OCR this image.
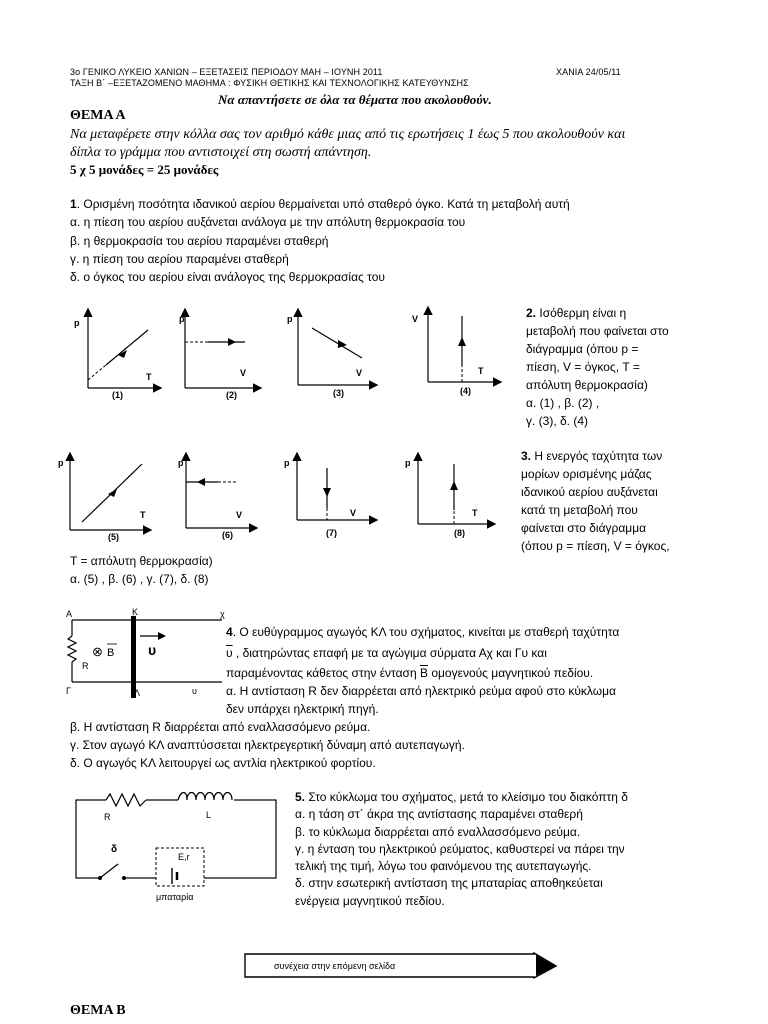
3ο ΓΕΝΙΚΟ ΛΥΚΕΙΟ ΧΑΝΙΩΝ – ΕΞΕΤΑΣΕΙΣ ΠΕΡΙΟΔΟΥ ΜΑΗ – ΙΟΥΝΗ 2011	ΧΑΝΙΑ 24/05/11
ΤΑΞΗ Β΄ –ΕΞΕΤΑΖΟΜΕΝΟ ΜΑΘΗΜΑ : ΦΥΣΙΚΗ ΘΕΤΙΚΗΣ ΚΑΙ ΤΕΧΝΟΛΟΓΙΚΗΣ ΚΑΤΕΥΘΥΝΣΗΣ
Να απαντήσετε σε όλα τα θέματα που ακολουθούν.
ΘΕΜΑ Α
Να μεταφέρετε στην κόλλα σας τον αριθμό κάθε μιας από τις ερωτήσεις 1 έως 5 που ακολουθούν και
δίπλα το γράμμα που αντιστοιχεί στη σωστή απάντηση.
5 χ 5 μονάδες = 25 μονάδες
1. Ορισμένη ποσότητα ιδανικού αερίου θερμαίνεται υπό σταθερό όγκο. Κατά τη μεταβολή αυτή
α. η πίεση του αερίου αυξάνεται ανάλογα με την απόλυτη θερμοκρασία του
β. η θερμοκρασία του αερίου παραμένει σταθερή
γ. η πίεση του αερίου παραμένει σταθερή
δ. ο όγκος του αερίου είναι ανάλογος της θερμοκρασίας του
p
T
(1)
p
V
(2)
p
V
(3)
V
T
(4)
2. Ισόθερμη είναι η
μεταβολή που φαίνεται στο
διάγραμμα (όπου p =
πίεση, V = όγκος, T =
απόλυτη θερμοκρασία)
α. (1) , β. (2) ,
γ. (3), δ. (4)
p
T
(5)
p
V
(6)
p
V
(7)
p
T
(8)
3. Η ενεργός ταχύτητα των
μορίων ορισμένης μάζας
ιδανικού αερίου αυξάνεται
κατά τη μεταβολή που
φαίνεται στο διάγραμμα
(όπου p = πίεση, V = όγκος,
Τ = απόλυτη θερμοκρασία)
α. (5) , β. (6) , γ. (7), δ. (8)
Α	Κ	χ
R
⊗ Β υ
Γ	Λ	υ
4. Ο ευθύγραμμος αγωγός ΚΛ του σχήματος, κινείται με σταθερή ταχύτητα
$\overline{\upsilon}$ , διατηρώντας επαφή με τα αγώγιμα σύρματα Αχ και Γυ και
παραμένοντας κάθετος στην ένταση $\overline{B}$ ομογενούς μαγνητικού πεδίου.
α. Η αντίσταση R δεν διαρρέεται από ηλεκτρικό ρεύμα αφού στο κύκλωμα
δεν υπάρχει ηλεκτρική πηγή.
β. Η αντίσταση R διαρρέεται από εναλλασσόμενο ρεύμα.
γ. Στον αγωγό ΚΛ αναπτύσσεται ηλεκτρεγερτική δύναμη από αυτεπαγωγή.
δ. Ο αγωγός ΚΛ λειτουργεί ως αντλία ηλεκτρικού φορτίου.
R	L
δ
E,r
μπαταρία
5. Στο κύκλωμα του σχήματος, μετά το κλείσιμο του διακόπτη δ
α. η τάση στ΄ άκρα της αντίστασης παραμένει σταθερή
β. το κύκλωμα διαρρέεται από εναλλασσόμενο ρεύμα.
γ. η ένταση του ηλεκτρικού ρεύματος, καθυστερεί να πάρει την
τελική της τιμή, λόγω του φαινόμενου της αυτεπαγωγής.
δ. στην εσωτερική αντίσταση της μπαταρίας αποθηκεύεται
ενέργεια μαγνητικού πεδίου.
συνέχεια στην επόμενη σελίδα
ΘΕΜΑ Β
